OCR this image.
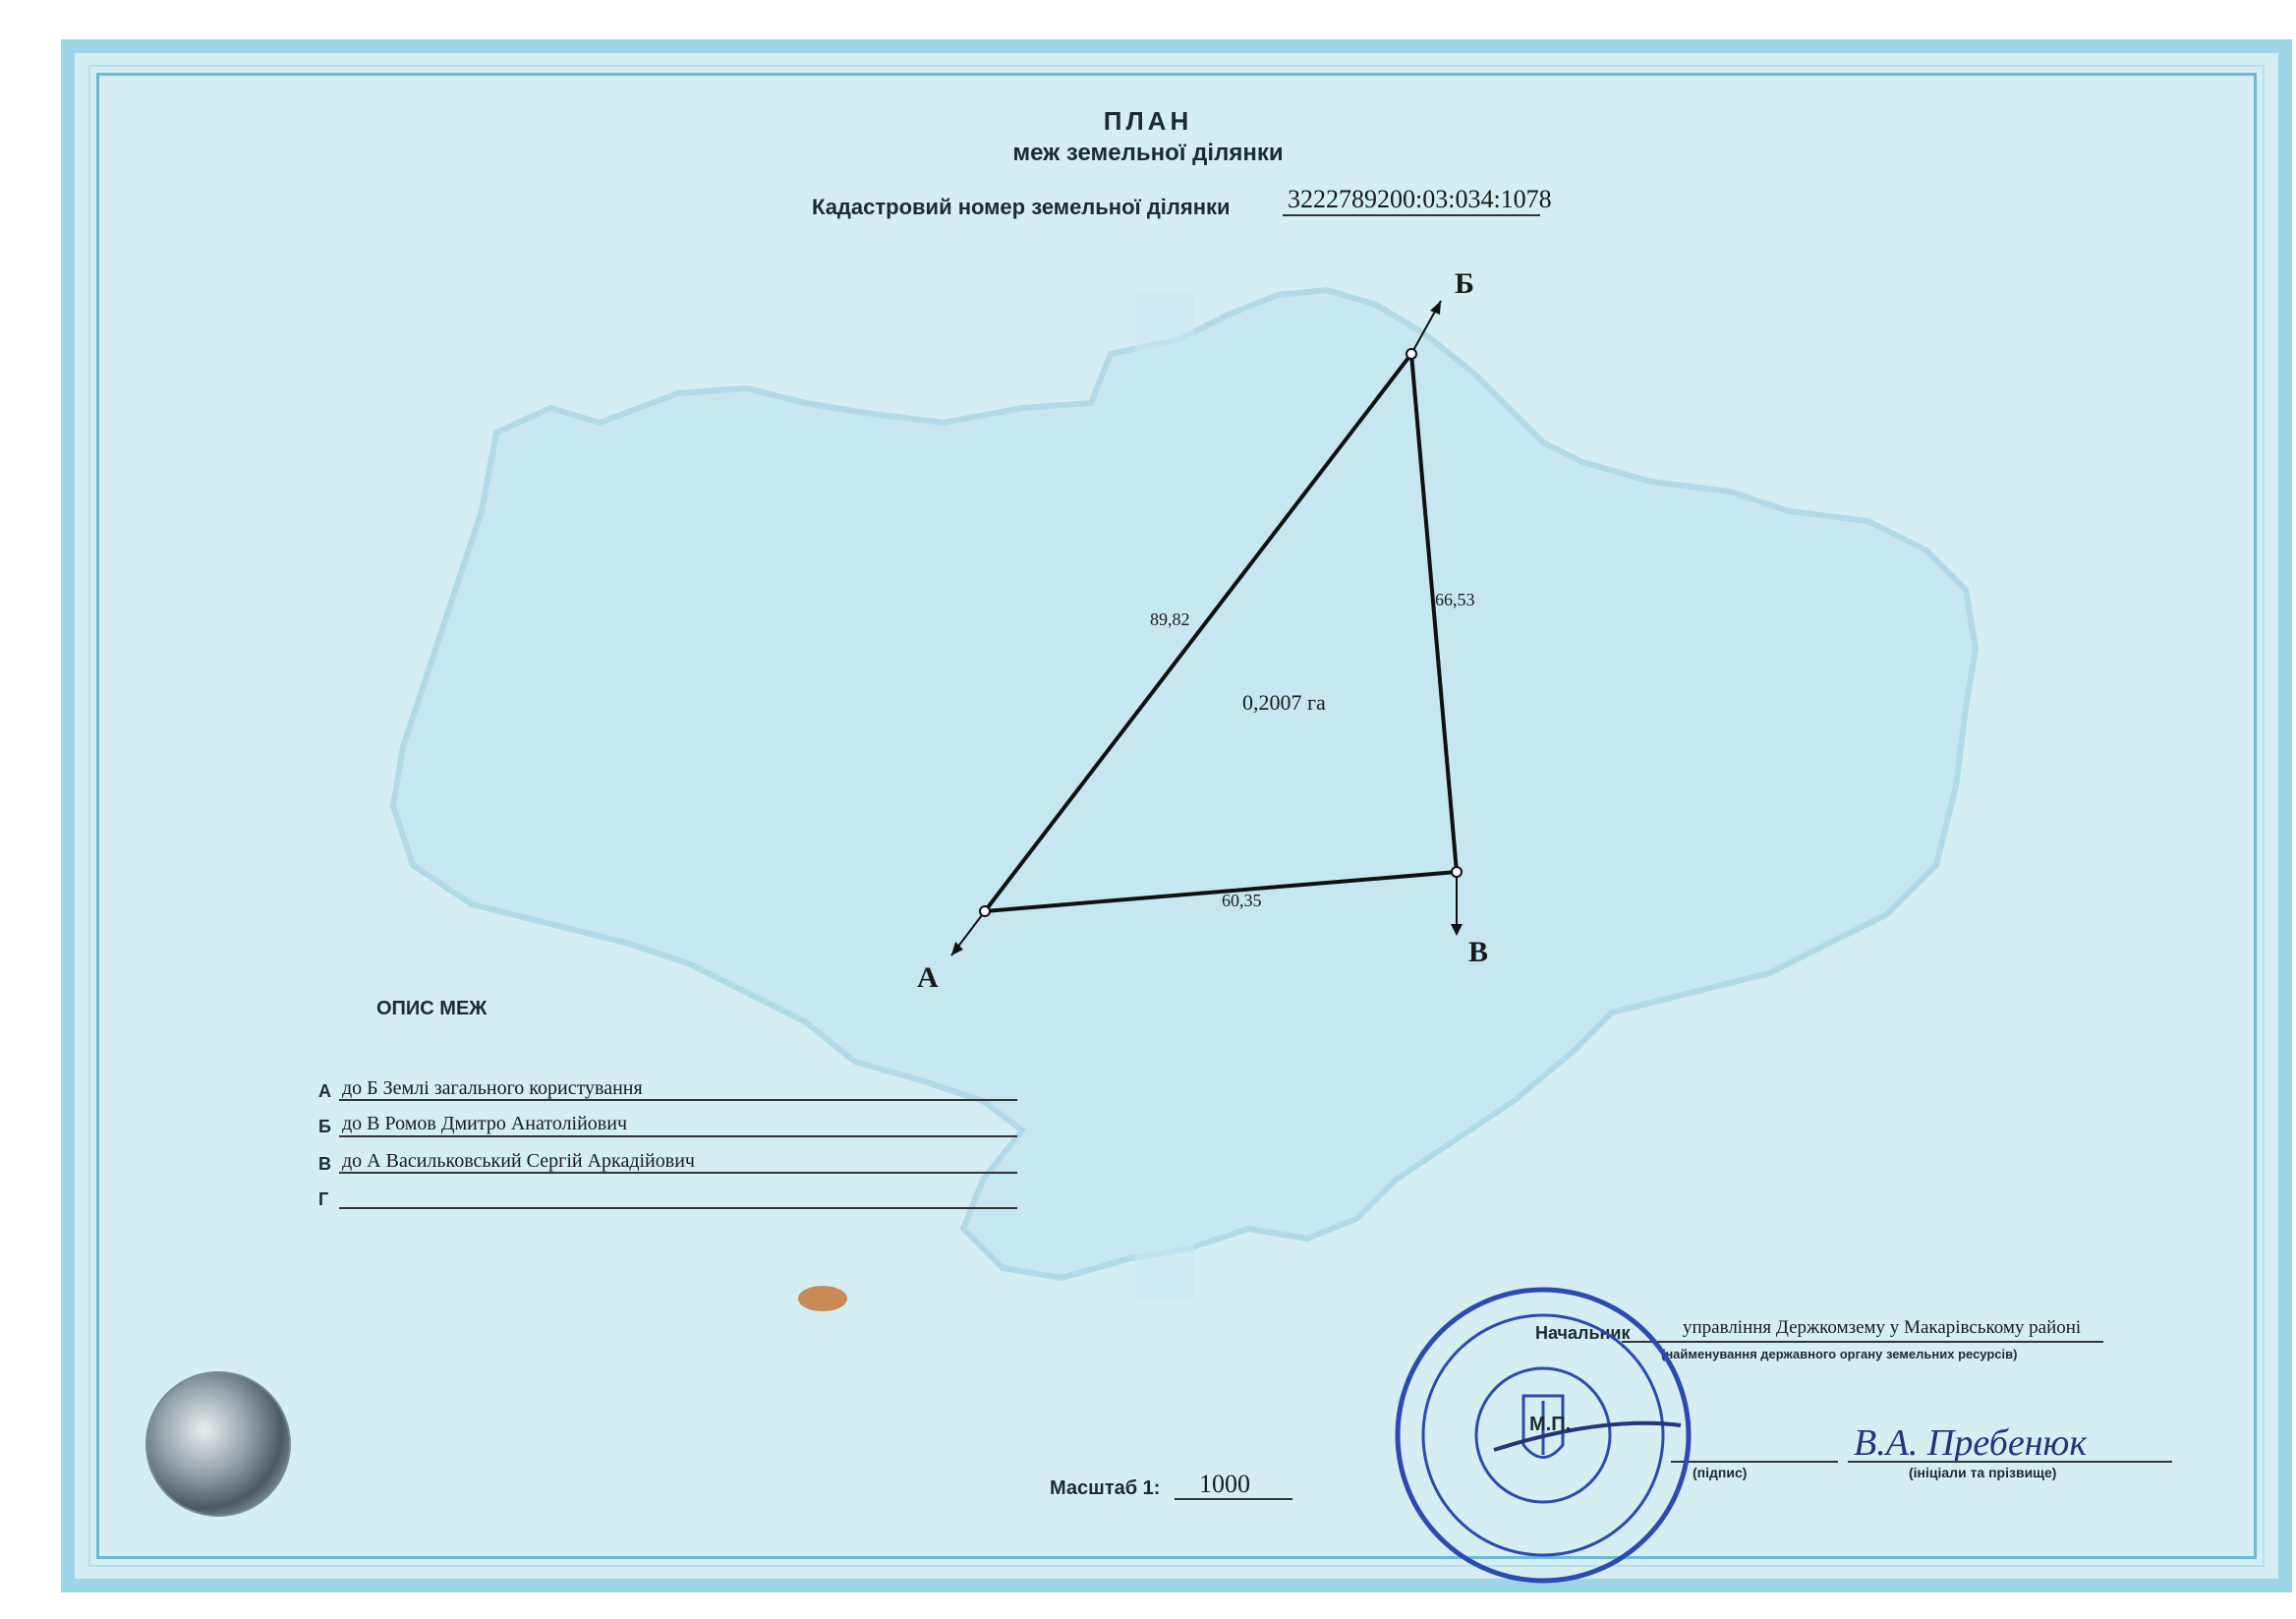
ПЛАН
меж земельної ділянки
Кадастровий номер земельної ділянки 3222789200:03:034:1078
А
Б
В
89,82
66,53
60,35
0,2007 га
ОПИС МЕЖ
А до Б Землі загального користування
Б до В Ромов Дмитро Анатолійович
В до А Васильковський Сергій Аркадійович
Г
Масштаб 1: 1000
Начальник	управління Держкомзему у Макарівському районі
(найменування державного органу земельних ресурсів)
(підпис)
В.А. Пребенюк
(ініціали та прізвище)
М.П.
